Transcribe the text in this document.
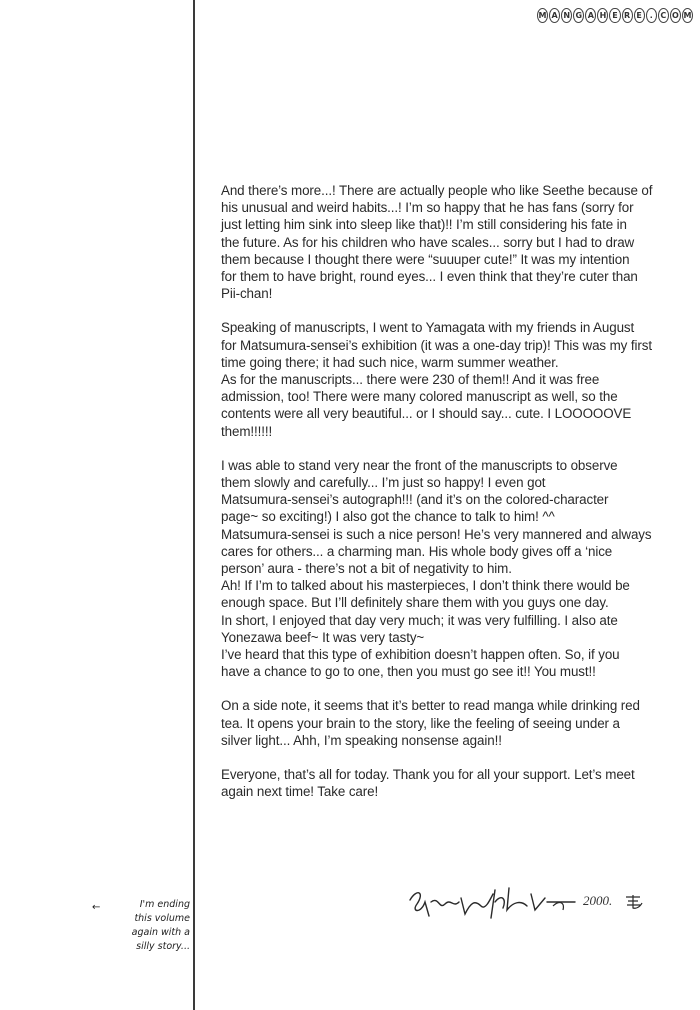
M A N G A H E R E . C O M

And there’s more...! There are actually people who like Seethe because of
his unusual and weird habits...! I’m so happy that he has fans (sorry for
just letting him sink into sleep like that)!! I’m still considering his fate in
the future. As for his children who have scales... sorry but I had to draw
them because I thought there were “suuuper cute!” It was my intention
for them to have bright, round eyes... I even think that they’re cuter than
Pii-chan!

Speaking of manuscripts, I went to Yamagata with my friends in August
for Matsumura-sensei’s exhibition (it was a one-day trip)! This was my first
time going there; it had such nice, warm summer weather.
As for the manuscripts... there were 230 of them!! And it was free
admission, too! There were many colored manuscript as well, so the
contents were all very beautiful... or I should say... cute. I LOOOOOVE
them!!!!!!

I was able to stand very near the front of the manuscripts to observe
them slowly and carefully... I’m just so happy! I even got
Matsumura-sensei’s autograph!!! (and it’s on the colored-character
page~ so exciting!) I also got the chance to talk to him! ^^
Matsumura-sensei is such a nice person! He’s very mannered and always
cares for others... a charming man. His whole body gives off a ‘nice
person’ aura - there’s not a bit of negativity to him.
Ah! If I’m to talked about his masterpieces, I don’t think there would be
enough space. But I’ll definitely share them with you guys one day.
In short, I enjoyed that day very much; it was very fulfilling. I also ate
Yonezawa beef~ It was very tasty~
I’ve heard that this type of exhibition doesn’t happen often. So, if you
have a chance to go to one, then you must go see it!! You must!!

On a side note, it seems that it’s better to read manga while drinking red
tea. It opens your brain to the story, like the feeling of seeing under a
silver light... Ahh, I’m speaking nonsense again!!

Everyone, that’s all for today. Thank you for all your support. Let’s meet
again next time! Take care!

2000.
←	I'm ending
this volume
again with a
silly story...
